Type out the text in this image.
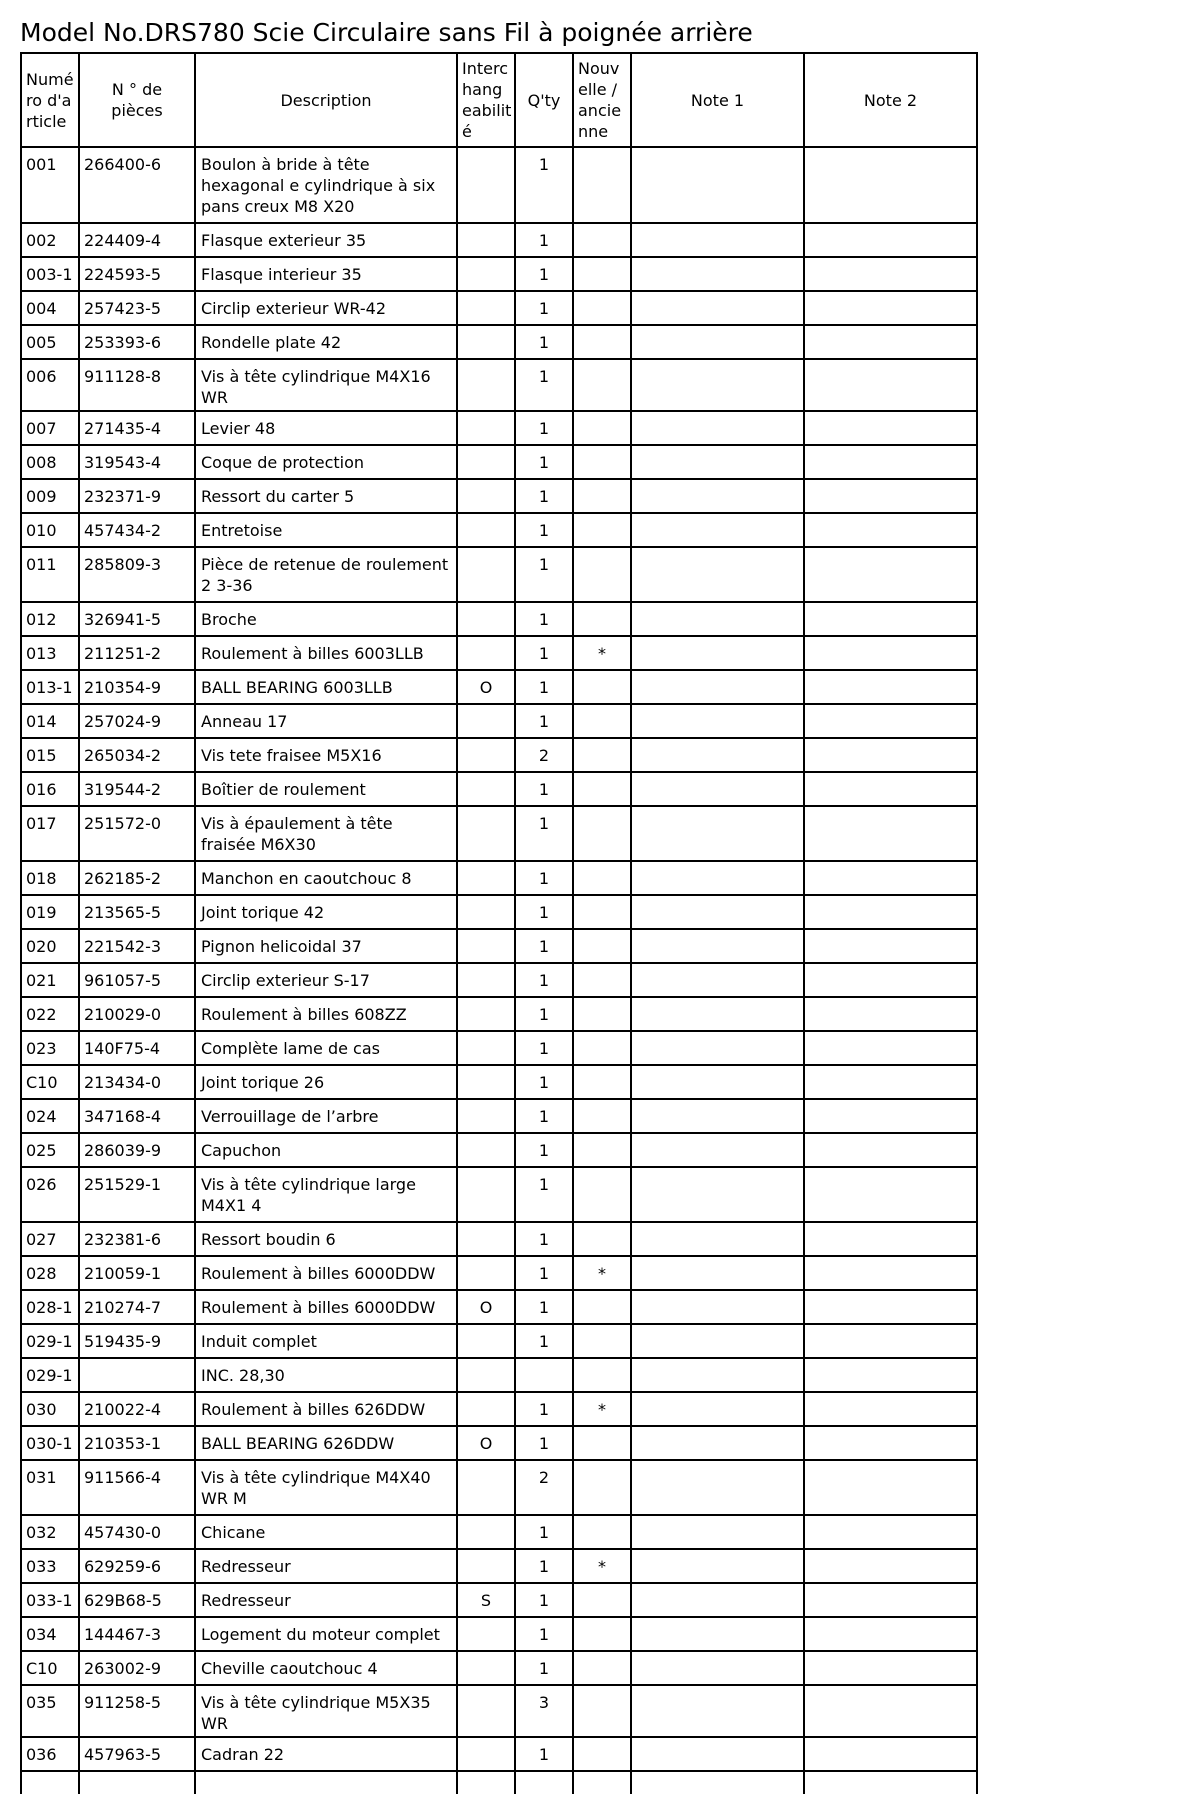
Model No.DRS780 Scie Circulaire sans Fil à poignée arrière
Numé ro d'a rticle	N ° de pièces	Description	Interc hang eabilit é	Q'ty	Nouv elle / ancie nne	Note 1	Note 2
001	266400-6	Boulon à bride à tête hexagonal e cylindrique à six pans creux M8 X20		1			
002	224409-4	Flasque exterieur 35		1			
003-1	224593-5	Flasque interieur 35		1			
004	257423-5	Circlip exterieur WR-42		1			
005	253393-6	Rondelle plate 42		1			
006	911128-8	Vis à tête cylindrique M4X16 WR		1			
007	271435-4	Levier 48		1			
008	319543-4	Coque de protection		1			
009	232371-9	Ressort du carter 5		1			
010	457434-2	Entretoise		1			
011	285809-3	Pièce de retenue de roulement 2 3-36		1			
012	326941-5	Broche		1			
013	211251-2	Roulement à billes 6003LLB		1	*		
013-1	210354-9	BALL BEARING 6003LLB	O	1			
014	257024-9	Anneau 17		1			
015	265034-2	Vis tete fraisee M5X16		2			
016	319544-2	Boîtier de roulement		1			
017	251572-0	Vis à épaulement à tête fraisée M6X30		1			
018	262185-2	Manchon en caoutchouc 8		1			
019	213565-5	Joint torique 42		1			
020	221542-3	Pignon helicoidal 37		1			
021	961057-5	Circlip exterieur S-17		1			
022	210029-0	Roulement à billes 608ZZ		1			
023	140F75-4	Complète lame de cas		1			
C10	213434-0	Joint torique 26		1			
024	347168-4	Verrouillage de l’arbre		1			
025	286039-9	Capuchon		1			
026	251529-1	Vis à tête cylindrique large M4X1 4		1			
027	232381-6	Ressort boudin 6		1			
028	210059-1	Roulement à billes 6000DDW		1	*		
028-1	210274-7	Roulement à billes 6000DDW	O	1			
029-1	519435-9	Induit complet		1			
029-1		INC. 28,30					
030	210022-4	Roulement à billes 626DDW		1	*		
030-1	210353-1	BALL BEARING 626DDW	O	1			
031	911566-4	Vis à tête cylindrique M4X40 WR M		2			
032	457430-0	Chicane		1			
033	629259-6	Redresseur		1	*		
033-1	629B68-5	Redresseur	S	1			
034	144467-3	Logement du moteur complet		1			
C10	263002-9	Cheville caoutchouc 4		1			
035	911258-5	Vis à tête cylindrique M5X35 WR		3			
036	457963-5	Cadran 22		1			
